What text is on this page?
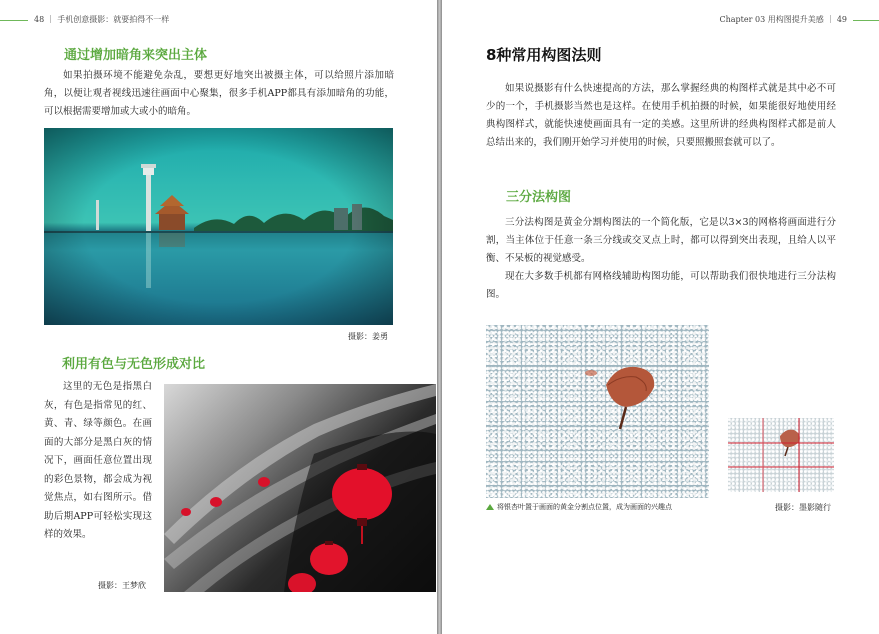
48 ｜ 手机创意摄影：就要拍得不一样
通过增加暗角来突出主体
如果拍摄环境不能避免杂乱，要想更好地突出被摄主体，可以给照片添加暗角，以便让观者视线迅速往画面中心聚集，很多手机APP都具有添加暗角的功能，可以根据需要增加或大或小的暗角。
摄影：姜勇
利用有色与无色形成对比
这里的无色是指黑白灰，有色是指常见的红、黄、青、绿等颜色。在画面的大部分是黑白灰的情况下，画面任意位置出现的彩色景物，都会成为视觉焦点，如右图所示。借助后期APP可轻松实现这样的效果。
摄影：王梦欣
Chapter 03 用构图提升美感 ｜ 49
8种常用构图法则
如果说摄影有什么快速提高的方法，那么掌握经典的构图样式就是其中必不可少的一个，手机摄影当然也是这样。在使用手机拍摄的时候，如果能很好地使用经典构图样式，就能快速使画面具有一定的美感。这里所讲的经典构图样式都是前人总结出来的，我们刚开始学习并使用的时候，只要照搬照套就可以了。
三分法构图
三分法构图是黄金分割构图法的一个简化版，它是以3×3的网格将画面进行分割，当主体位于任意一条三分线或交叉点上时，都可以得到突出表现，且给人以平衡、不呆板的视觉感受。
现在大多数手机都有网格线辅助构图功能，可以帮助我们很快地进行三分法构图。
将银杏叶置于画面的黄金分割点位置，成为画面的兴趣点	摄影：墨影随行
